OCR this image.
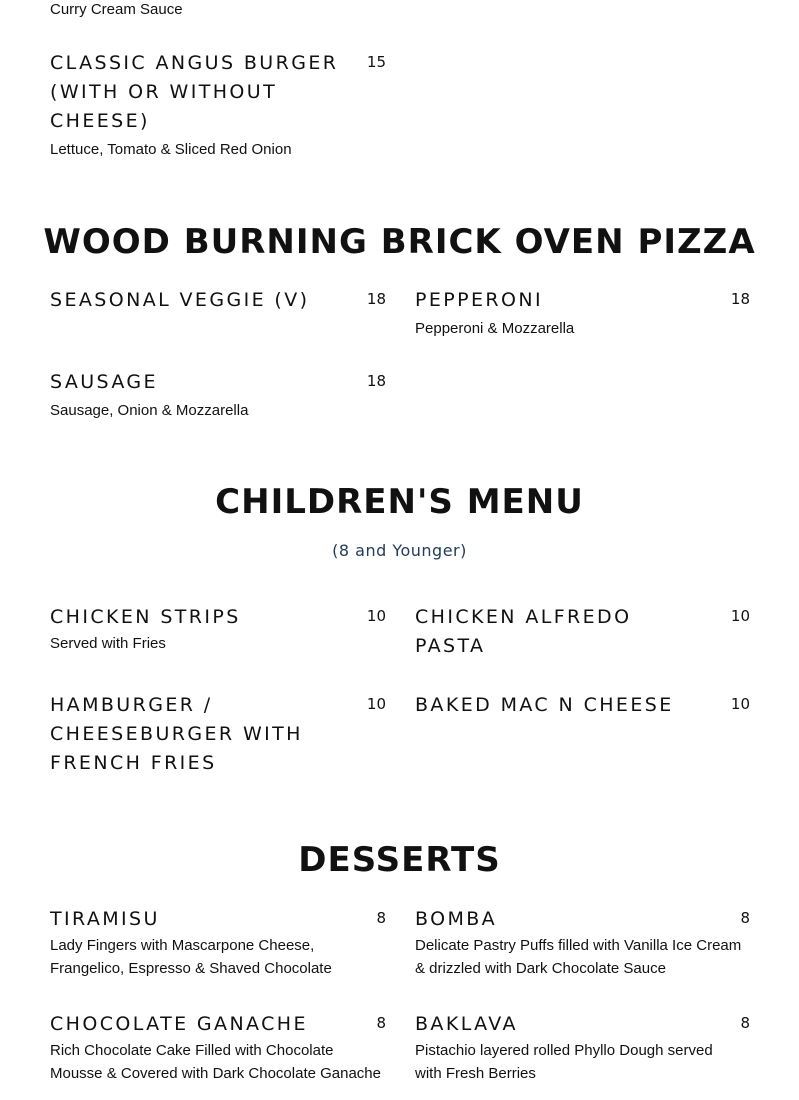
Curry Cream Sauce
CLASSIC ANGUS BURGER
(WITH OR WITHOUT
CHEESE)
Lettuce, Tomato & Sliced Red Onion
15
WOOD BURNING BRICK OVEN PIZZA
SEASONAL VEGGIE (V)	18 PEPPERONI	18
Pepperoni & Mozzarella
SAUSAGE	18
Sausage, Onion & Mozzarella
CHILDREN'S MENU
(8 and Younger)
CHICKEN STRIPS
Served with Fries
10 CHICKEN ALFREDO
PASTA
10
HAMBURGER /
CHEESEBURGER WITH
FRENCH FRIES
10 BAKED MAC N CHEESE	10
DESSERTS
TIRAMISU
Lady Fingers with Mascarpone Cheese,
Frangelico, Espresso & Shaved Chocolate
8 BOMBA
Delicate Pastry Puffs filled with Vanilla Ice Cream
& drizzled with Dark Chocolate Sauce
8
CHOCOLATE GANACHE
Rich Chocolate Cake Filled with Chocolate
Mousse & Covered with Dark Chocolate Ganache
8 BAKLAVA
Pistachio layered rolled Phyllo Dough served
with Fresh Berries
8
